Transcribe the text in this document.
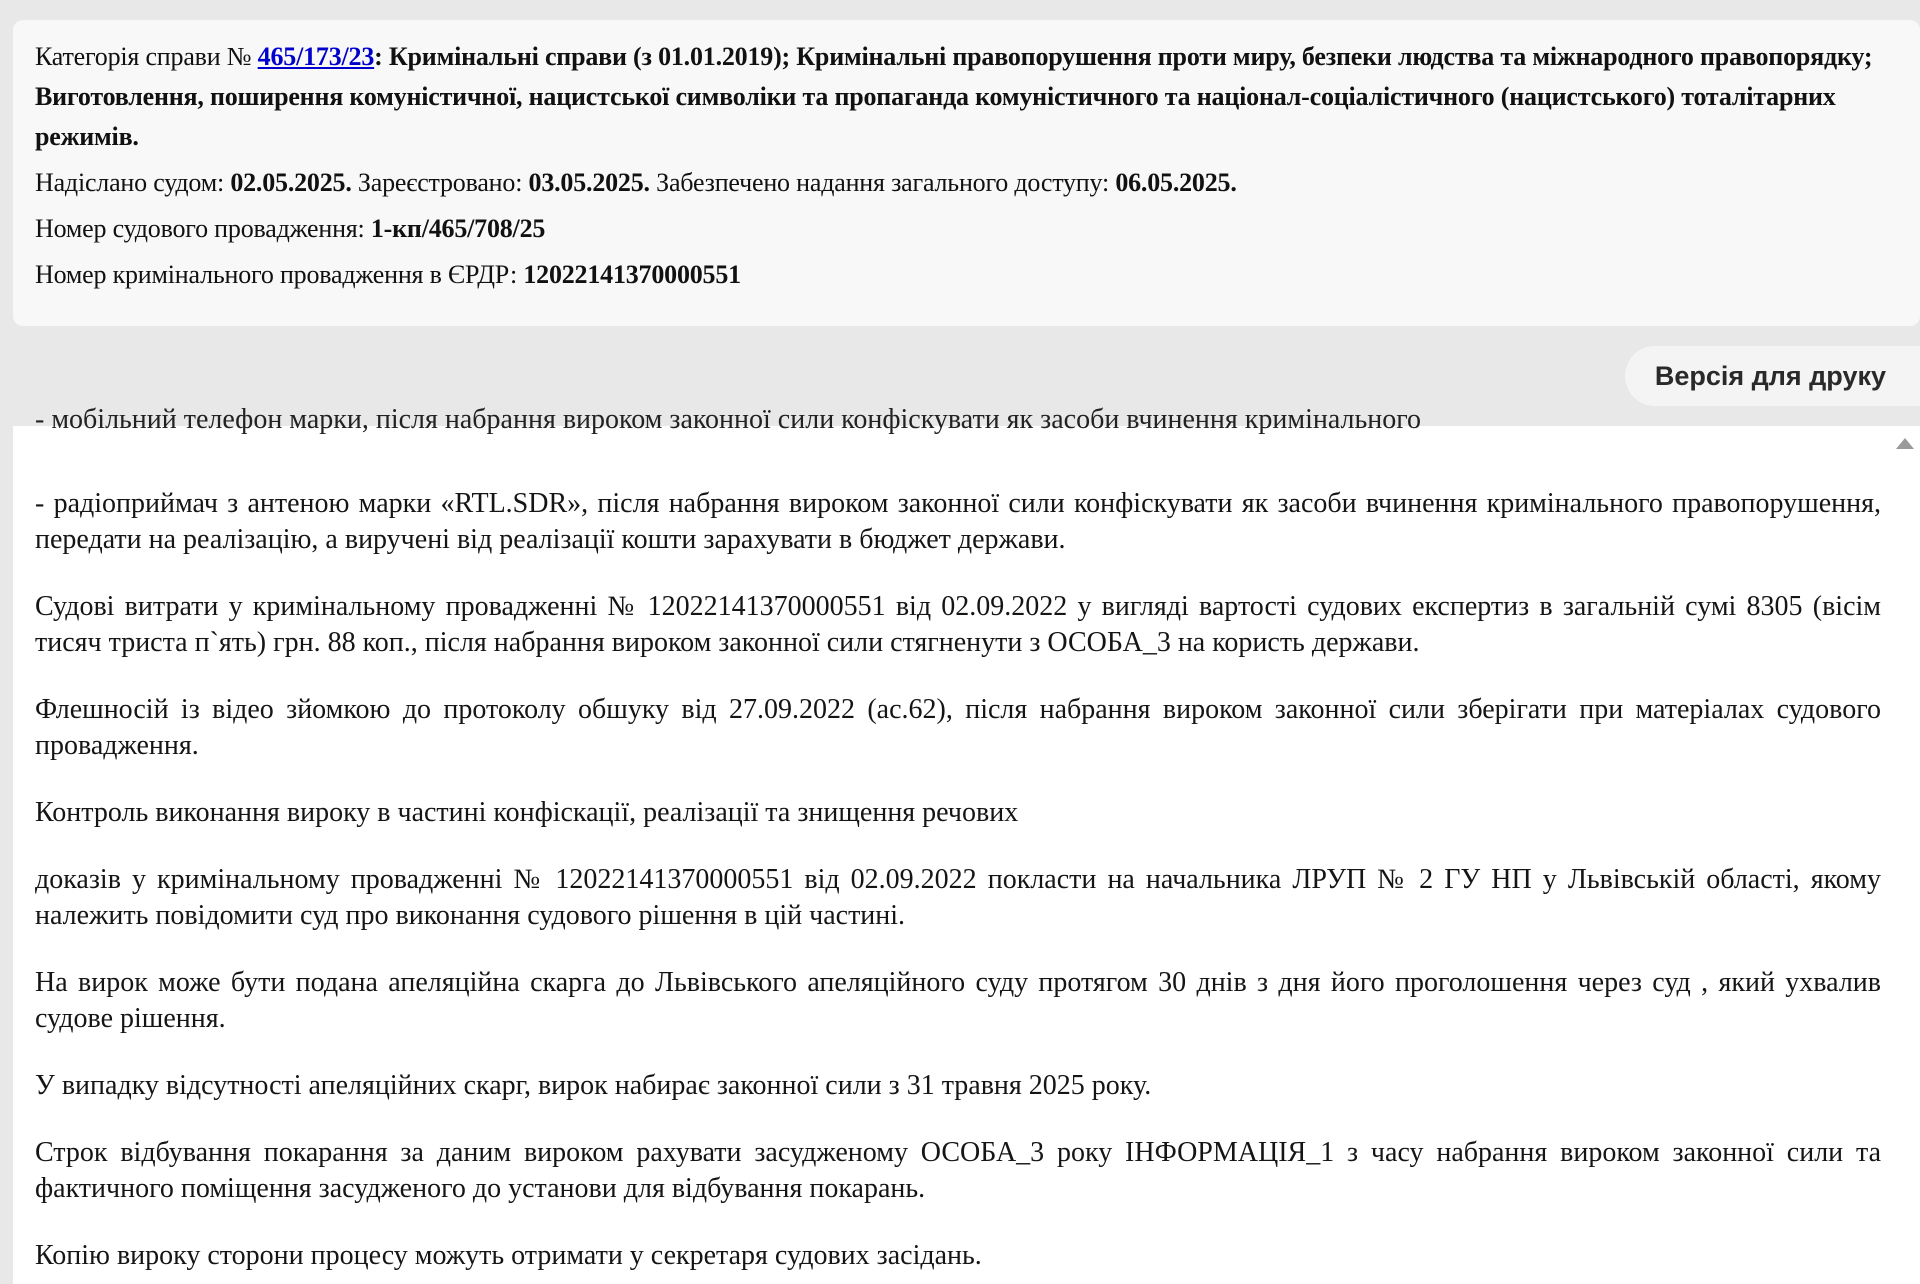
Категорія справи № 465/173/23: Кримінальні справи (з 01.01.2019); Кримінальні правопорушення проти миру, безпеки людства та міжнародного правопорядку; Виготовлення, поширення комуністичної, нацистської символіки та пропаганда комуністичного та націонал-соціалістичного (нацистського) тоталітарних режимів.
Надіслано судом: 02.05.2025. Зареєстровано: 03.05.2025. Забезпечено надання загального доступу: 06.05.2025.
Номер судового провадження: 1-кп/465/708/25
Номер кримінального провадження в ЄРДР: 12022141370000551
Версія для друку
- мобільний телефон марки, після набрання вироком законної сили конфіскувати як засоби вчинення кримінального

- радіоприймач з антеною марки «RTL.SDR», після набрання вироком законної сили конфіскувати як засоби вчинення кримінального правопорушення, передати на реалізацію, а виручені від реалізації кошти зарахувати в бюджет держави.

Судові витрати у кримінальному провадженні № 12022141370000551 від 02.09.2022 у вигляді вартості судових експертиз в загальній сумі 8305 (вісім тисяч триста п`ять) грн. 88 коп., після набрання вироком законної сили стягненути з ОСОБА_3 на користь держави.

Флешносій із відео зйомкою до протоколу обшуку від 27.09.2022 (ас.62), після набрання вироком законної сили зберігати при матеріалах судового провадження.

Контроль виконання вироку в частині конфіскації, реалізації та знищення речових

доказів у кримінальному провадженні № 12022141370000551 від 02.09.2022 покласти на начальника ЛРУП № 2 ГУ НП у Львівській області, якому належить повідомити суд про виконання судового рішення в цій частині.

На вирок може бути подана апеляційна скарга до Львівського апеляційного суду протягом 30 днів з дня його проголошення через суд , який ухвалив судове рішення.

У випадку відсутності апеляційних скарг, вирок набирає законної сили з 31 травня 2025 року.

Строк відбування покарання за даним вироком рахувати засудженому ОСОБА_3 року ІНФОРМАЦІЯ_1 з часу набрання вироком законної сили та фактичного поміщення засудженого до установи для відбування покарань.

Копію вироку сторони процесу можуть отримати у секретаря судових засідань.
